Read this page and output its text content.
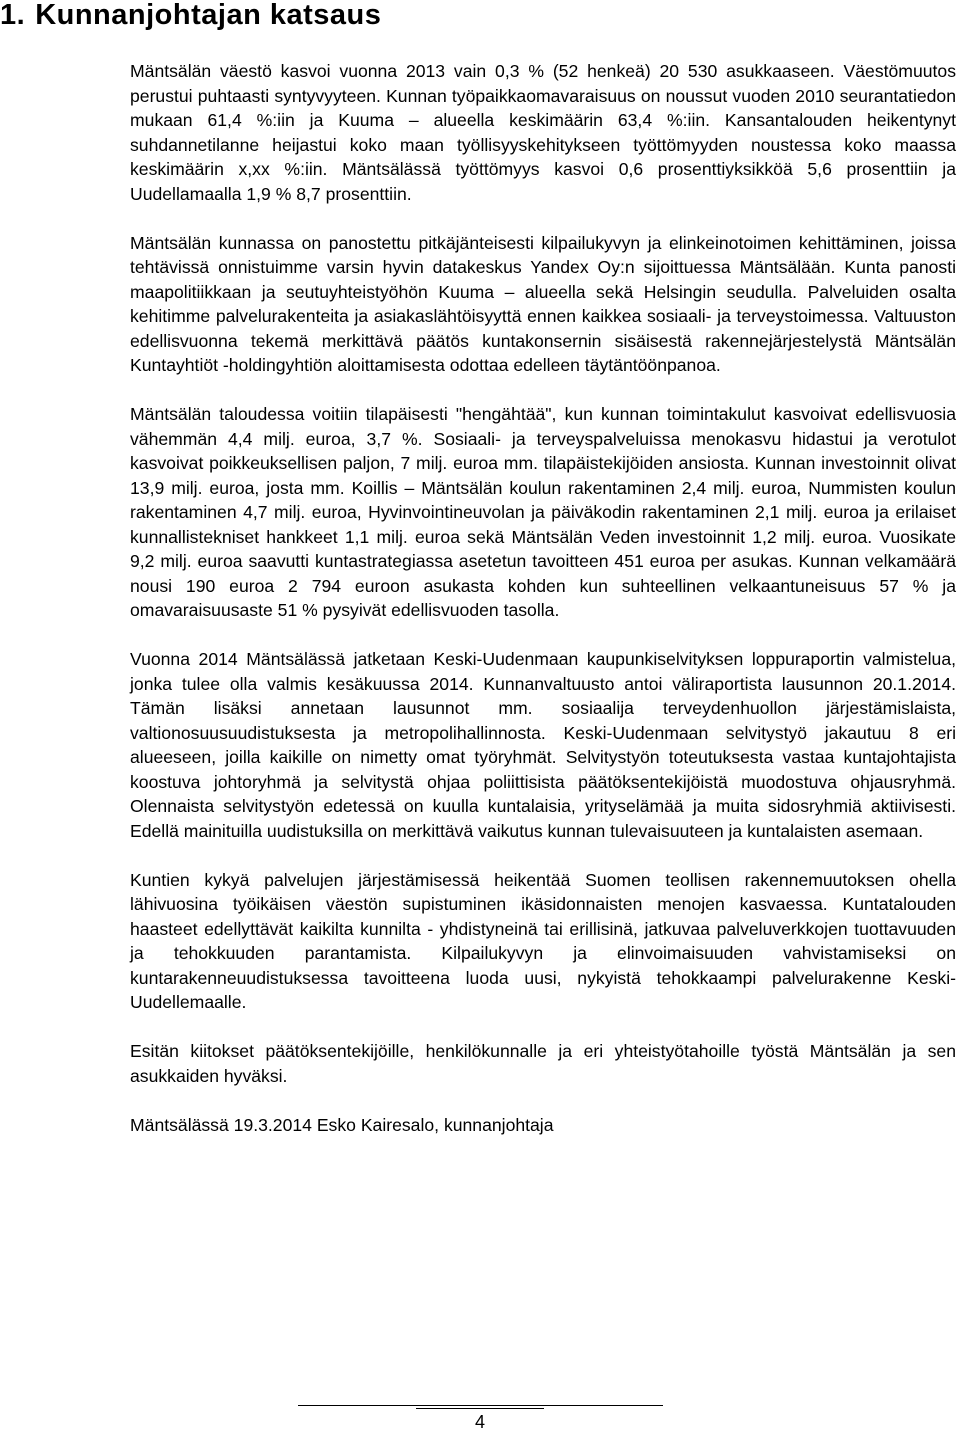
1. Kunnanjohtajan katsaus

Mäntsälän väestö kasvoi vuonna 2013 vain 0,3 % (52 henkeä) 20 530 asukkaaseen. Väestömuutos perustui puhtaasti syntyvyyteen. Kunnan työpaikkaomavaraisuus on noussut vuoden 2010 seurantatiedon mukaan 61,4 %:iin ja Kuuma – alueella keskimäärin 63,4 %:iin. Kansantalouden heikentynyt suhdannetilanne heijastui koko maan työllisyyskehitykseen työttömyyden noustessa koko maassa keskimäärin x,xx %:iin. Mäntsälässä työttömyys kasvoi 0,6 prosenttiyksikköä 5,6 prosenttiin ja Uudellamaalla 1,9 % 8,7 prosenttiin.

Mäntsälän kunnassa on panostettu pitkäjänteisesti kilpailukyvyn ja elinkeinotoimen kehittäminen, joissa tehtävissä onnistuimme varsin hyvin datakeskus Yandex Oy:n sijoittuessa Mäntsälään. Kunta panosti maapolitiikkaan ja seutuyhteistyöhön Kuuma – alueella sekä Helsingin seudulla. Palveluiden osalta kehitimme palvelurakenteita ja asiakaslähtöisyyttä ennen kaikkea sosiaali- ja terveystoimessa. Valtuuston edellisvuonna tekemä merkittävä päätös kuntakonsernin sisäisestä rakennejärjestelystä Mäntsälän Kuntayhtiöt -holdingyhtiön aloittamisesta odottaa edelleen täytäntöönpanoa.

Mäntsälän taloudessa voitiin tilapäisesti "hengähtää", kun kunnan toimintakulut kasvoivat edellisvuosia vähemmän 4,4 milj. euroa, 3,7 %. Sosiaali- ja terveyspalveluissa menokasvu hidastui ja verotulot kasvoivat poikkeuksellisen paljon, 7 milj. euroa mm. tilapäistekijöiden ansiosta. Kunnan investoinnit olivat 13,9 milj. euroa, josta mm. Koillis – Mäntsälän koulun rakentaminen 2,4 milj. euroa, Nummisten koulun rakentaminen 4,7 milj. euroa, Hyvinvointineuvolan ja päiväkodin rakentaminen 2,1 milj. euroa ja erilaiset kunnallistekniset hankkeet 1,1 milj. euroa sekä Mäntsälän Veden investoinnit 1,2 milj. euroa. Vuosikate 9,2 milj. euroa saavutti kuntastrategiassa asetetun tavoitteen 451 euroa per asukas. Kunnan velkamäärä nousi 190 euroa 2 794 euroon asukasta kohden kun suhteellinen velkaantuneisuus 57 % ja omavaraisuusaste 51 % pysyivät edellisvuoden tasolla.

Vuonna 2014 Mäntsälässä jatketaan Keski-Uudenmaan kaupunkiselvityksen loppuraportin valmistelua, jonka tulee olla valmis kesäkuussa 2014. Kunnanvaltuusto antoi väliraportista lausunnon 20.1.2014. Tämän lisäksi annetaan lausunnot mm. sosiaalija terveydenhuollon järjestämislaista, valtionosuusuudistuksesta ja metropolihallinnosta. Keski-Uudenmaan selvitystyö jakautuu 8 eri alueeseen, joilla kaikille on nimetty omat työryhmät. Selvitystyön toteutuksesta vastaa kuntajohtajista koostuva johtoryhmä ja selvitystä ohjaa poliittisista päätöksentekijöistä muodostuva ohjausryhmä. Olennaista selvitystyön edetessä on kuulla kuntalaisia, yrityselämää ja muita sidosryhmiä aktiivisesti. Edellä mainituilla uudistuksilla on merkittävä vaikutus kunnan tulevaisuuteen ja kuntalaisten asemaan.

Kuntien kykyä palvelujen järjestämisessä heikentää Suomen teollisen rakennemuutoksen ohella lähivuosina työikäisen väestön supistuminen ikäsidonnaisten menojen kasvaessa. Kuntatalouden haasteet edellyttävät kaikilta kunnilta - yhdistyneinä tai erillisinä, jatkuvaa palveluverkkojen tuottavuuden ja tehokkuuden parantamista. Kilpailukyvyn ja elinvoimaisuuden vahvistamiseksi on kuntarakenneuudistuksessa tavoitteena luoda uusi, nykyistä tehokkaampi palvelurakenne Keski-Uudellemaalle.

Esitän kiitokset päätöksentekijöille, henkilökunnalle ja eri yhteistyötahoille työstä Mäntsälän ja sen asukkaiden hyväksi.

Mäntsälässä 19.3.2014 Esko Kairesalo, kunnanjohtaja

4
